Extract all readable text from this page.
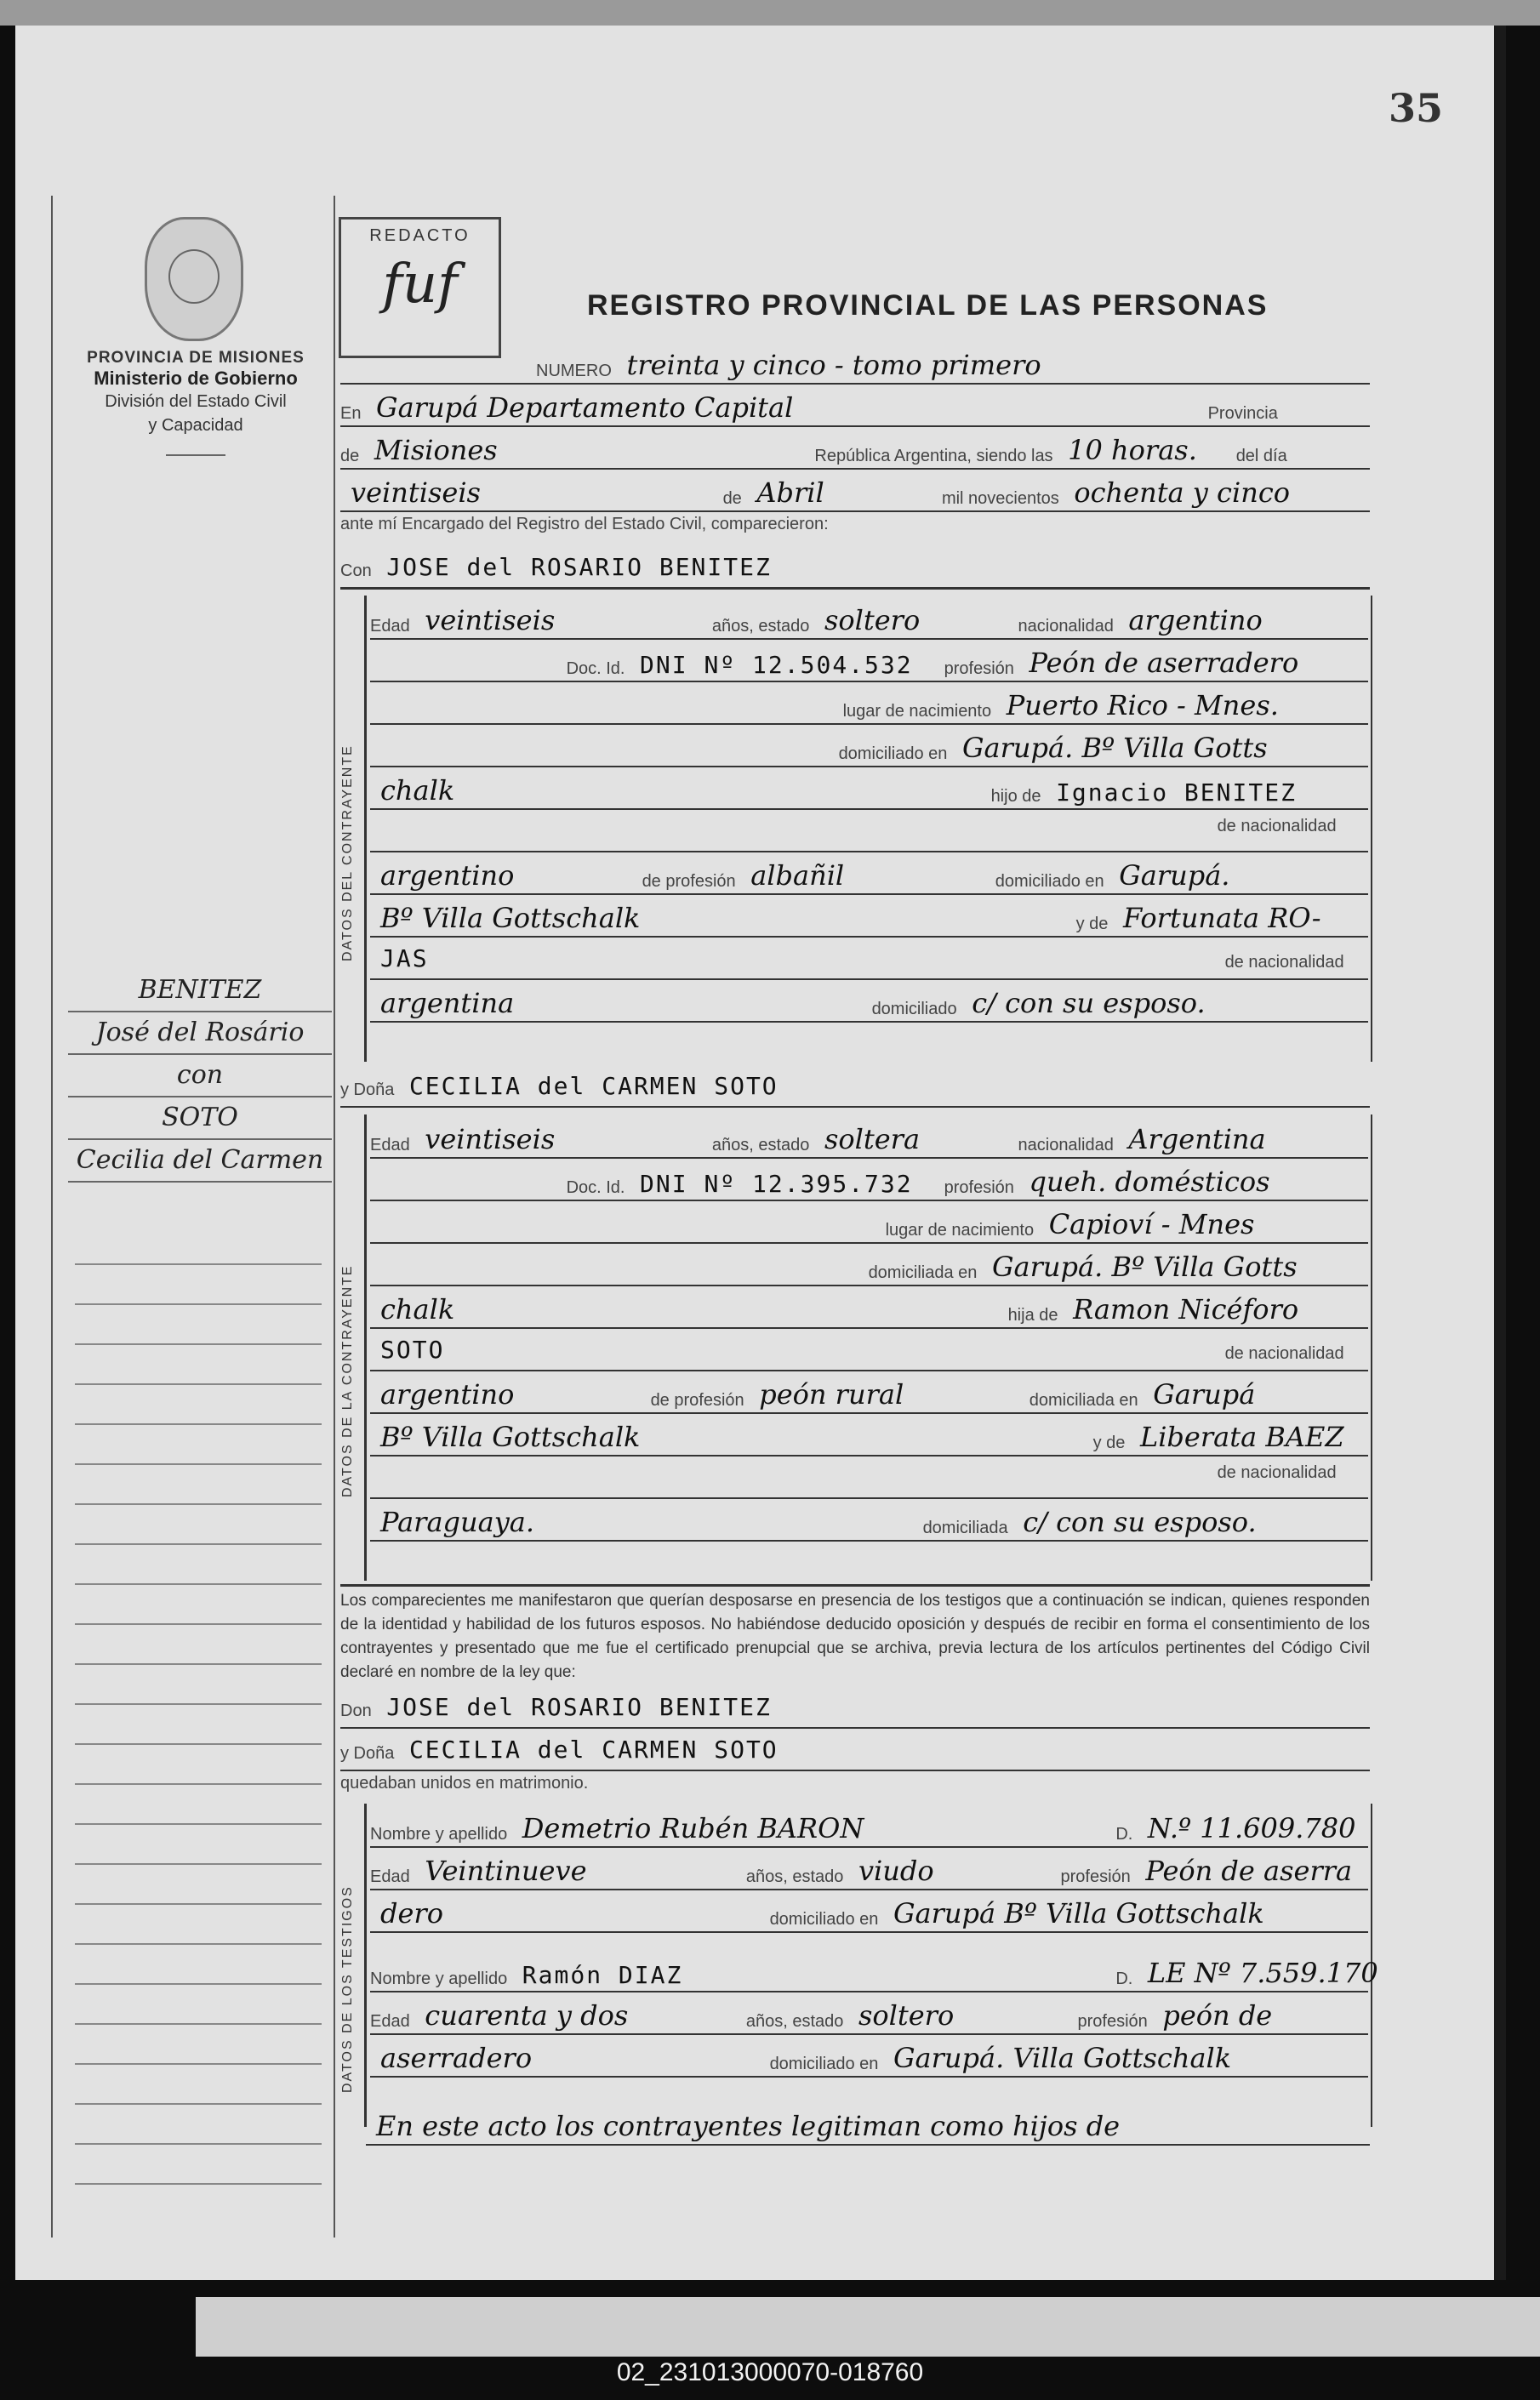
35
PROVINCIA DE MISIONES
Ministerio de Gobierno
División del Estado Civil
y Capacidad
BENITEZ
José del Rosário
con
SOTO
Cecilia del Carmen
REDACTO
fuf	REGISTRO PROVINCIAL DE LAS PERSONAS
NUMERO treinta y cinco - tomo primero
En Garupá Departamento Capital	Provincia
de Misiones	República Argentina, siendo las 10 horas. del día
veintiseis	de Abril	mil novecientos ochenta y cinco
ante mí Encargado del Registro del Estado Civil, comparecieron:
Con JOSE del ROSARIO BENITEZ
DATOS DEL CONTRAYENTE
Edad veintiseis	años, estado soltero	nacionalidad argentino
Doc. Id. DNI Nº 12.504.532 profesión Peón de aserradero
lugar de nacimiento Puerto Rico - Mnes.
domiciliado en Garupá. Bº Villa Gotts
chalk	hijo de Ignacio BENITEZ
de nacionalidad
argentino	de profesión albañil	domiciliado en Garupá.
Bº Villa Gottschalk	y de Fortunata RO-
JAS	de nacionalidad
argentina	domiciliado c/ con su esposo.
y Doña CECILIA del CARMEN SOTO
DATOS DE LA CONTRAYENTE
Edad veintiseis	años, estado soltera	nacionalidad Argentina
Doc. Id. DNI Nº 12.395.732 profesión queh. domésticos
lugar de nacimiento Capioví - Mnes
domiciliada en Garupá. Bº Villa Gotts
chalk	hija de Ramon Nicéforo
SOTO	de nacionalidad
argentino	de profesión peón rural	domiciliada en Garupá
Bº Villa Gottschalk	y de Liberata BAEZ
de nacionalidad
Paraguaya.	domiciliada c/ con su esposo.
Los comparecientes me manifestaron que querían desposarse en presencia de los testigos que a continuación se indican, quienes responden de la identidad y habilidad de los futuros esposos. No habiéndose deducido oposición y después de recibir en forma el consentimiento de los contrayentes y presentado que me fue el certificado prenupcial que se archiva, previa lectura de los artículos pertinentes del Código Civil declaré en nombre de la ley que:
Don JOSE del ROSARIO BENITEZ
y Doña CECILIA del CARMEN SOTO
quedaban unidos en matrimonio.
DATOS DE LOS TESTIGOS
Nombre y apellido Demetrio Rubén BARON	D. N.º 11.609.780
Edad Veintinueve	años, estado viudo	profesión Peón de aserra
dero	domiciliado en Garupá Bº Villa Gottschalk
Nombre y apellido Ramón DIAZ	D. LE Nº 7.559.170
Edad cuarenta y dos	años, estado soltero	profesión peón de
aserradero	domiciliado en Garupá. Villa Gottschalk
En este acto los contrayentes legitiman como hijos de
02_231013000070-018760
